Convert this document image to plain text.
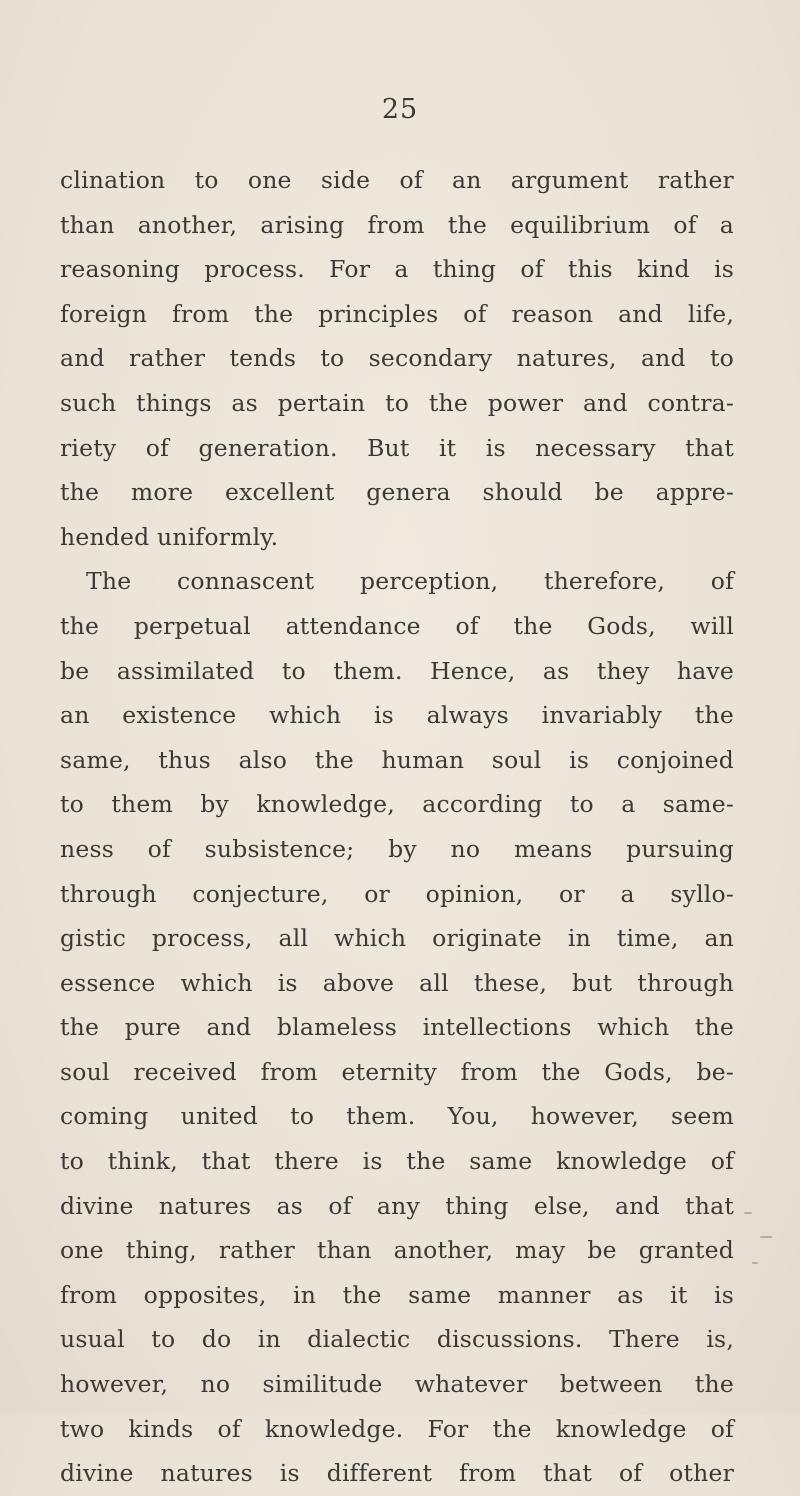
25
clination to one side of an argument rather
than another, arising from the equilibrium of a
reasoning process. For a thing of this kind is
foreign from the principles of reason and life,
and rather tends to secondary natures, and to
such things as pertain to the power and contra-
riety of generation. But it is necessary that
the more excellent genera should be appre-
hended uniformly.
The connascent perception, therefore, of
the perpetual attendance of the Gods, will
be assimilated to them. Hence, as they have
an existence which is always invariably the
same, thus also the human soul is conjoined
to them by knowledge, according to a same-
ness of subsistence; by no means pursuing
through conjecture, or opinion, or a syllo-
gistic process, all which originate in time, an
essence which is above all these, but through
the pure and blameless intellections which the
soul received from eternity from the Gods, be-
coming united to them. You, however, seem
to think, that there is the same knowledge of
divine natures as of any thing else, and that
one thing, rather than another, may be granted
from opposites, in the same manner as it is
usual to do in dialectic discussions. There is,
however, no similitude whatever between the
two kinds of knowledge. For the knowledge of
divine natures is different from that of other
